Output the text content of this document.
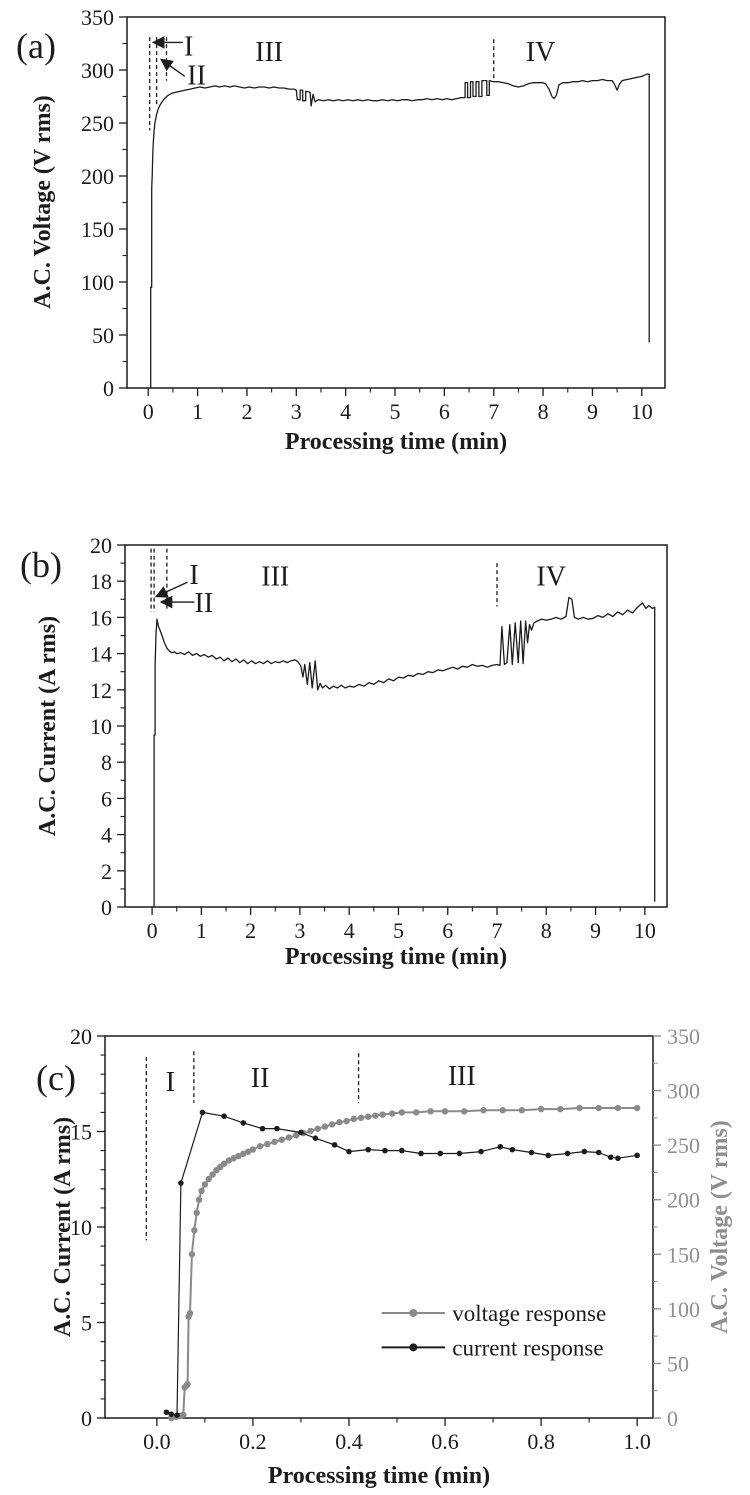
0 1 2 3 4 5 6 7 8 9 10
Processing time (min)
0
50
100
150
200
250
300
350
A.C. Voltage (V rms)
I
II
III	IV
(a)
0 1 2 3 4 5 6 7 8 9 10
Processing time (min)
0
2
4
6
8
10
12
14
16
18
20
A.C. Current (A rms)
I
II
III	IV
(b)
0.0	0.2	0.4	0.6	0.8	1.0
Processing time (min)
0
5
10
15
20
A.C. Current (A rms)
0
50
100
150
200
250
300
350
A.C. Voltage (V rms)
I	II	III
voltage response
current response
(c)
